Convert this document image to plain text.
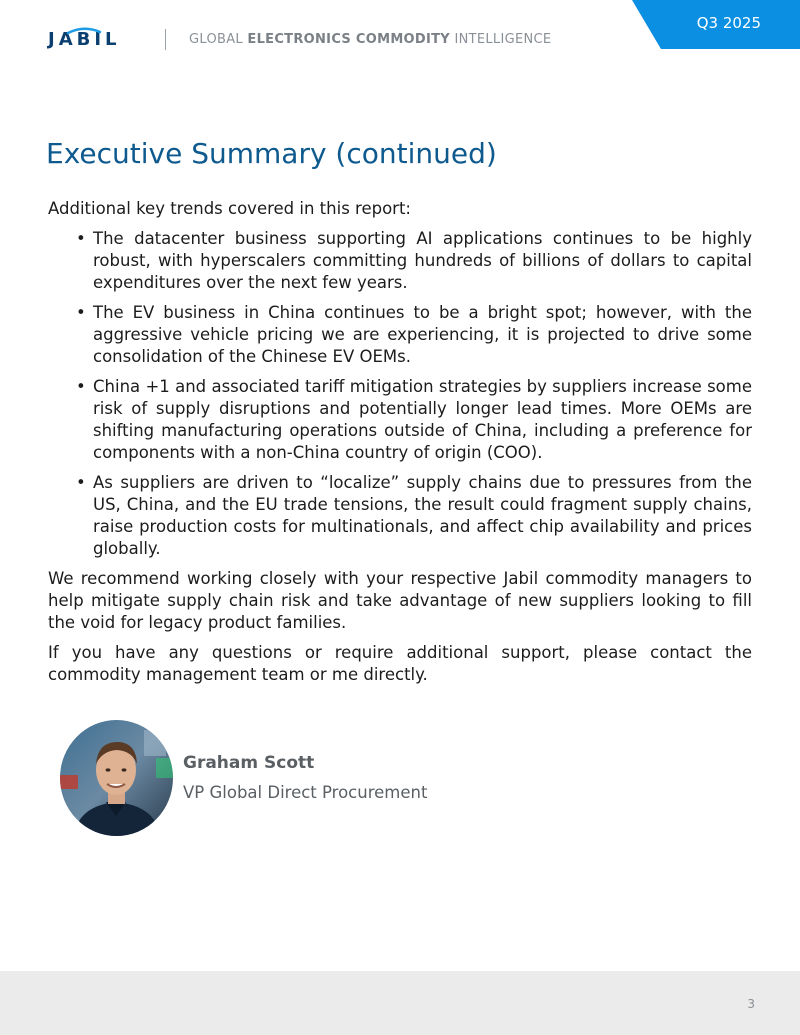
JABIL	GLOBAL ELECTRONICS COMMODITY INTELLIGENCE
Q3 2025
Executive Summary (continued)

Additional key trends covered in this report:

• The datacenter business supporting AI applications continues to be highly robust, with hyperscalers committing hundreds of billions of dollars to capital expenditures over the next few years.
• The EV business in China continues to be a bright spot; however, with the aggressive vehicle pricing we are experiencing, it is projected to drive some consolidation of the Chinese EV OEMs.
• China +1 and associated tariff mitigation strategies by suppliers increase some risk of supply disruptions and potentially longer lead times. More OEMs are shifting manufacturing operations outside of China, including a preference for components with a non-China country of origin (COO).
• As suppliers are driven to “localize” supply chains due to pressures from the US, China, and the EU trade tensions, the result could fragment supply chains, raise production costs for multinationals, and affect chip availability and prices globally.

We recommend working closely with your respective Jabil commodity managers to help mitigate supply chain risk and take advantage of new suppliers looking to fill the void for legacy product families.

If you have any questions or require additional support, please contact the commodity management team or me directly.

Graham Scott
VP Global Direct Procurement
3
